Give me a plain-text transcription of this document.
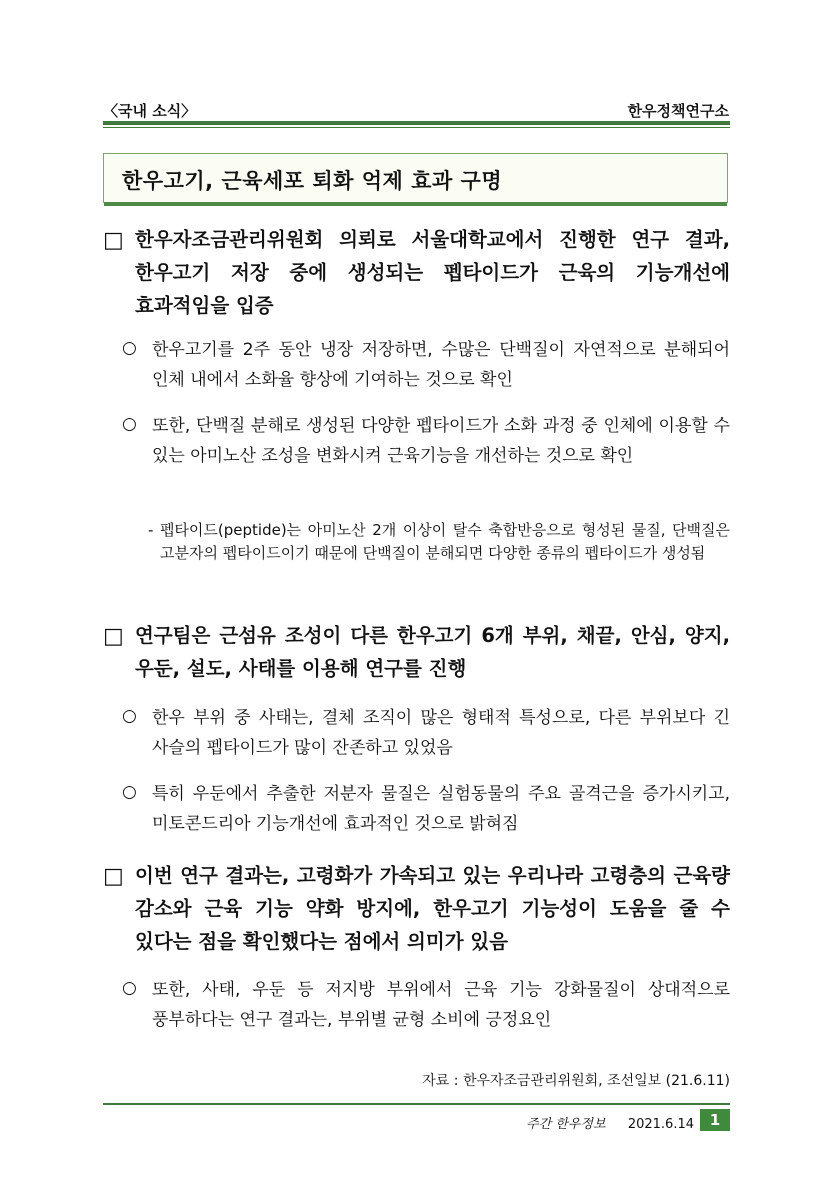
〈국내 소식〉	한우정책연구소
한우고기, 근육세포 퇴화 억제 효과 구명
□ 한우자조금관리위원회 의뢰로 서울대학교에서 진행한 연구 결과, 한우고기 저장 중에 생성되는 펩타이드가 근육의 기능개선에 효과적임을 입증
○ 한우고기를 2주 동안 냉장 저장하면, 수많은 단백질이 자연적으로 분해되어 인체 내에서 소화율 향상에 기여하는 것으로 확인
○ 또한, 단백질 분해로 생성된 다양한 펩타이드가 소화 과정 중 인체에 이용할 수 있는 아미노산 조성을 변화시켜 근육기능을 개선하는 것으로 확인
- 펩타이드(peptide)는 아미노산 2개 이상이 탈수 축합반응으로 형성된 물질, 단백질은 고분자의 펩타이드이기 때문에 단백질이 분해되면 다양한 종류의 펩타이드가 생성됨
□ 연구팀은 근섬유 조성이 다른 한우고기 6개 부위, 채끝, 안심, 양지, 우둔, 설도, 사태를 이용해 연구를 진행
○ 한우 부위 중 사태는, 결체 조직이 많은 형태적 특성으로, 다른 부위보다 긴 사슬의 펩타이드가 많이 잔존하고 있었음
○ 특히 우둔에서 추출한 저분자 물질은 실험동물의 주요 골격근을 증가시키고, 미토콘드리아 기능개선에 효과적인 것으로 밝혀짐
□ 이번 연구 결과는, 고령화가 가속되고 있는 우리나라 고령층의 근육량 감소와 근육 기능 약화 방지에, 한우고기 기능성이 도움을 줄 수 있다는 점을 확인했다는 점에서 의미가 있음
○ 또한, 사태, 우둔 등 저지방 부위에서 근육 기능 강화물질이 상대적으로 풍부하다는 연구 결과는, 부위별 균형 소비에 긍정요인
자료 : 한우자조금관리위원회, 조선일보 (21.6.11)
주간 한우정보 2021.6.14	1
